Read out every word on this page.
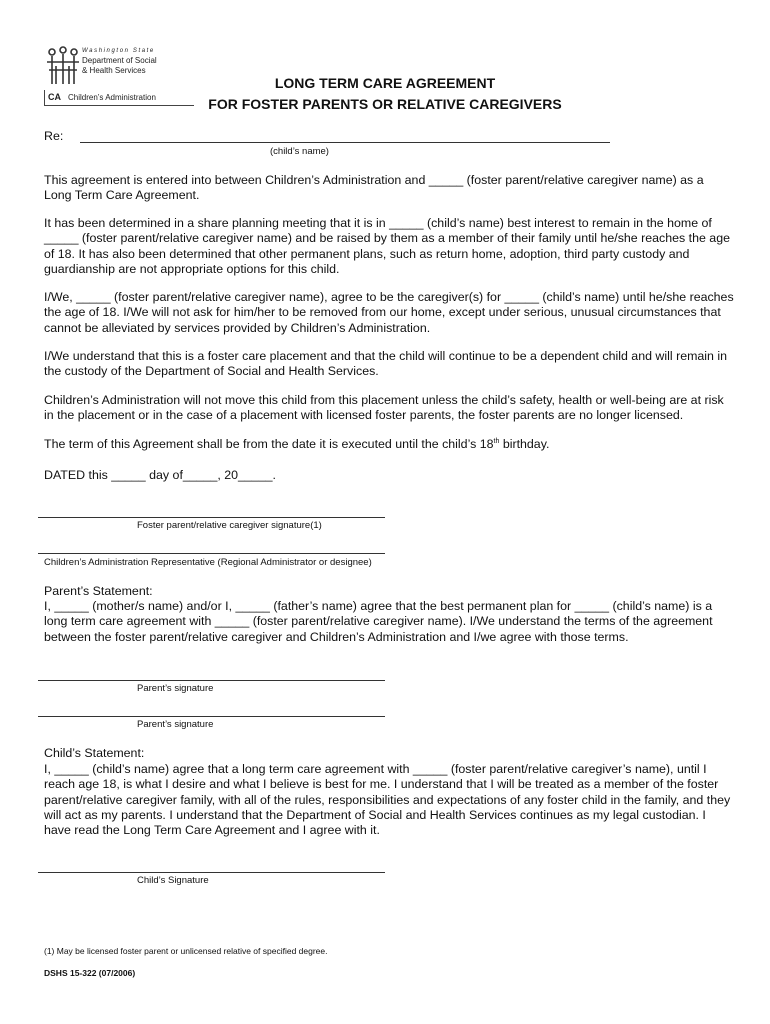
Washington State
Department of Social
& Health Services
CA Children’s Administration
LONG TERM CARE AGREEMENT
FOR FOSTER PARENTS OR RELATIVE CAREGIVERS
Re:
(child’s name)
This agreement is entered into between Children’s Administration and _____ (foster parent/relative caregiver name) as a Long Term Care Agreement.
It has been determined in a share planning meeting that it is in _____ (child’s name) best interest to remain in the home of _____ (foster parent/relative caregiver name) and be raised by them as a member of their family until he/she reaches the age of 18. It has also been determined that other permanent plans, such as return home, adoption, third party custody and guardianship are not appropriate options for this child.
I/We, _____ (foster parent/relative caregiver name), agree to be the caregiver(s) for _____ (child’s name) until he/she reaches the age of 18. I/We will not ask for him/her to be removed from our home, except under serious, unusual circumstances that cannot be alleviated by services provided by Children’s Administration.
I/We understand that this is a foster care placement and that the child will continue to be a dependent child and will remain in the custody of the Department of Social and Health Services.
Children’s Administration will not move this child from this placement unless the child’s safety, health or well-being are at risk in the placement or in the case of a placement with licensed foster parents, the foster parents are no longer licensed.
The term of this Agreement shall be from the date it is executed until the child’s 18th birthday.
DATED this _____ day of_____, 20_____.
Foster parent/relative caregiver signature(1)
Children’s Administration Representative (Regional Administrator or designee)
Parent’s Statement:
I, _____ (mother/s name) and/or I, _____ (father’s name) agree that the best permanent plan for _____ (child’s name) is a long term care agreement with _____ (foster parent/relative caregiver name). I/We understand the terms of the agreement between the foster parent/relative caregiver and Children’s Administration and I/we agree with those terms.
Parent’s signature
Parent’s signature
Child’s Statement:
I, _____ (child’s name) agree that a long term care agreement with _____ (foster parent/relative caregiver’s name), until I reach age 18, is what I desire and what I believe is best for me. I understand that I will be treated as a member of the foster parent/relative caregiver family, with all of the rules, responsibilities and expectations of any foster child in the family, and they will act as my parents. I understand that the Department of Social and Health Services continues as my legal custodian. I have read the Long Term Care Agreement and I agree with it.
Child’s Signature
(1) May be licensed foster parent or unlicensed relative of specified degree.
DSHS 15-322 (07/2006)
